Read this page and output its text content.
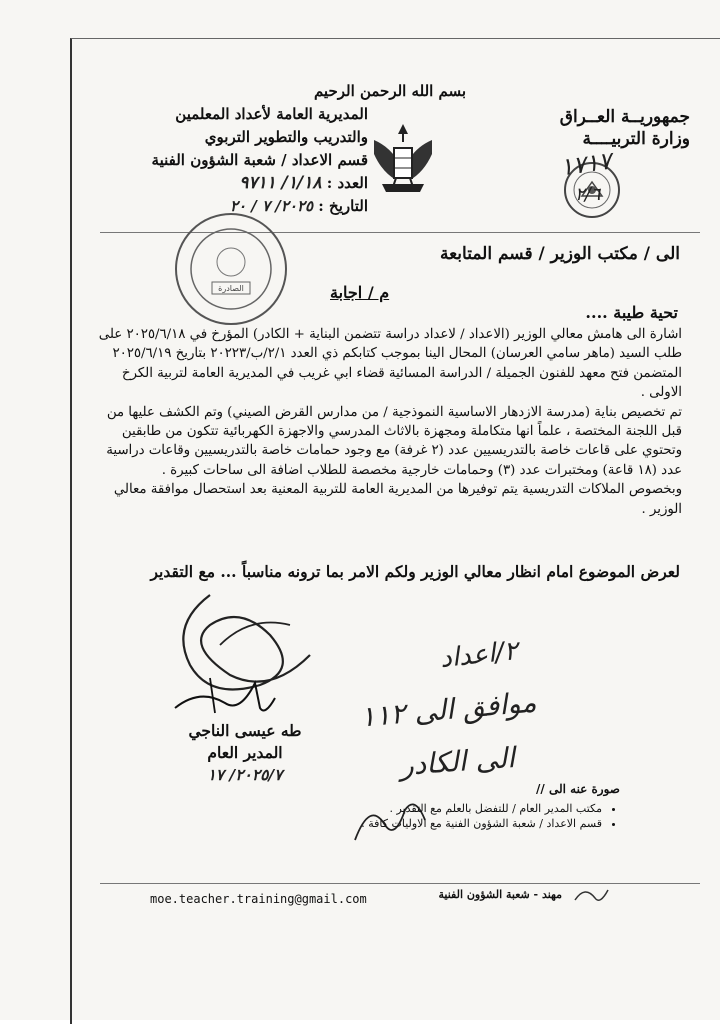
بسم الله الرحمن الرحيم
جمهوريــة العــراق
وزارة التربيــــة
المديرية العامة لأعداد المعلمين
والتدريب والتطوير التربوي
قسم الاعداد / شعبة الشؤون الفنية
العدد : ١/١٨/ ٩٧١١
التاريخ : ٢٠٢٥/ ٧ / ٢٠
١٧١٧
٢/٦
الصادرة
الى / مكتب الوزير / قسم المتابعة
م / اجابة
تحية طيبة ....

اشارة الى هامش معالي الوزير (الاعداد / لاعداد دراسة تتضمن البناية + الكادر) المؤرخ في ٢٠٢٥/٦/١٨ على طلب السيد (ماهر سامي العرسان) المحال الينا بموجب كتابكم ذي العدد ٢/١/ب/٢٠٢٢٣ بتاريخ ٢٠٢٥/٦/١٩ المتضمن فتح معهد للفنون الجميلة / الدراسة المسائية قضاء ابي غريب في المديرية العامة لتربية الكرخ الاولى .

تم تخصيص بناية (مدرسة الازدهار الاساسية النموذجية / من مدارس القرض الصيني) وتم الكشف عليها من قبل اللجنة المختصة ، علماً انها متكاملة ومجهزة بالاثاث المدرسي والاجهزة الكهربائية تتكون من طابقين وتحتوي على قاعات خاصة بالتدريسيين عدد (٢ غرفة) مع وجود حمامات خاصة بالتدريسيين وقاعات دراسية عدد (١٨ قاعة) ومختبرات عدد (٣) وحمامات خارجية مخصصة للطلاب اضافة الى ساحات كبيرة .

وبخصوص الملاكات التدريسية يتم توفيرها من المديرية العامة للتربية المعنية بعد استحصال موافقة معالي الوزير .

لعرض الموضوع امام انظار معالي الوزير ولكم الامر بما ترونه مناسباً ... مع التقدير
٢/اعداد
موافق الى ١١٢
الى الكادر
طه عيسى الناجي
المدير العام
٢٠٢٥/٧/ ١٧
صورة عنه الى //
• مكتب المدير العام / للتفضل بالعلم مع التقدير .
• قسم الاعداد / شعبة الشؤون الفنية مع الاوليات كافة .
moe.teacher.training@gmail.com	مهند - شعبة الشؤون الفنية
